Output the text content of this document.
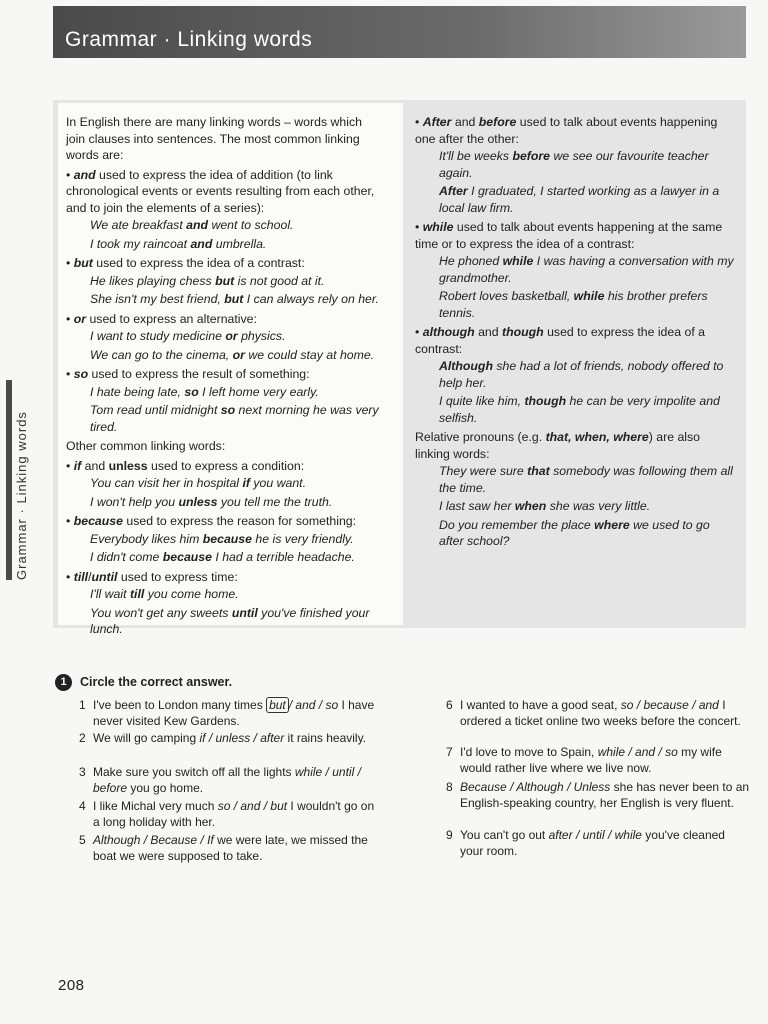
Grammar · Linking words
Grammar · Linking words

In English there are many linking words – words which join clauses into sentences. The most common linking words are:

• and used to express the idea of addition (to link chronological events or events resulting from each other, and to join the elements of a series):

We ate breakfast and went to school.

I took my raincoat and umbrella.

• but used to express the idea of a contrast:

He likes playing chess but is not good at it.

She isn't my best friend, but I can always rely on her.

• or used to express an alternative:

I want to study medicine or physics.

We can go to the cinema, or we could stay at home.

• so used to express the result of something:

I hate being late, so I left home very early.

Tom read until midnight so next morning he was very tired.

Other common linking words:

• if and unless used to express a condition:

You can visit her in hospital if you want.

I won't help you unless you tell me the truth.

• because used to express the reason for something:

Everybody likes him because he is very friendly.

I didn't come because I had a terrible headache.

• till/until used to express time:

I'll wait till you come home.

You won't get any sweets until you've finished your lunch.

• After and before used to talk about events happening one after the other:

It'll be weeks before we see our favourite teacher again.

After I graduated, I started working as a lawyer in a local law firm.

• while used to talk about events happening at the same time or to express the idea of a contrast:

He phoned while I was having a conversation with my grandmother.

Robert loves basketball, while his brother prefers tennis.

• although and though used to express the idea of a contrast:

Although she had a lot of friends, nobody offered to help her.

I quite like him, though he can be very impolite and selfish.

Relative pronouns (e.g. that, when, where) are also linking words:

They were sure that somebody was following them all the time.

I last saw her when she was very little.

Do you remember the place where we used to go after school?

1	Circle the correct answer.
1 I've been to London many times but / and / so I have never visited Kew Gardens.
2 We will go camping if / unless / after it rains heavily.
3 Make sure you switch off all the lights while / until / before you go home.
4 I like Michal very much so / and / but I wouldn't go on a long holiday with her.
5 Although / Because / If we were late, we missed the boat we were supposed to take.
6 I wanted to have a good seat, so / because / and I ordered a ticket online two weeks before the concert.
7 I'd love to move to Spain, while / and / so my wife would rather live where we live now.
8 Because / Although / Unless she has never been to an English-speaking country, her English is very fluent.
9 You can't go out after / until / while you've cleaned your room.
208
